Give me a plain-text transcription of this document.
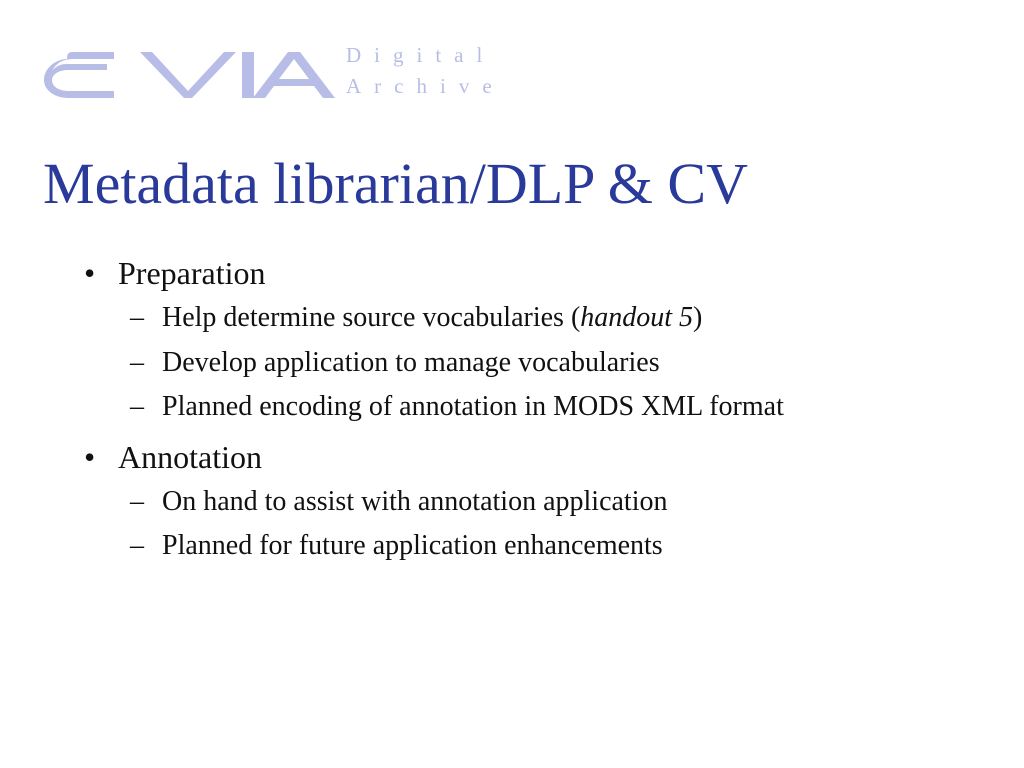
Digital
Archive
Metadata librarian/DLP & CV
• Preparation
– Help determine source vocabularies (handout 5)
– Develop application to manage vocabularies
– Planned encoding of annotation in MODS XML format
• Annotation
– On hand to assist with annotation application
– Planned for future application enhancements
